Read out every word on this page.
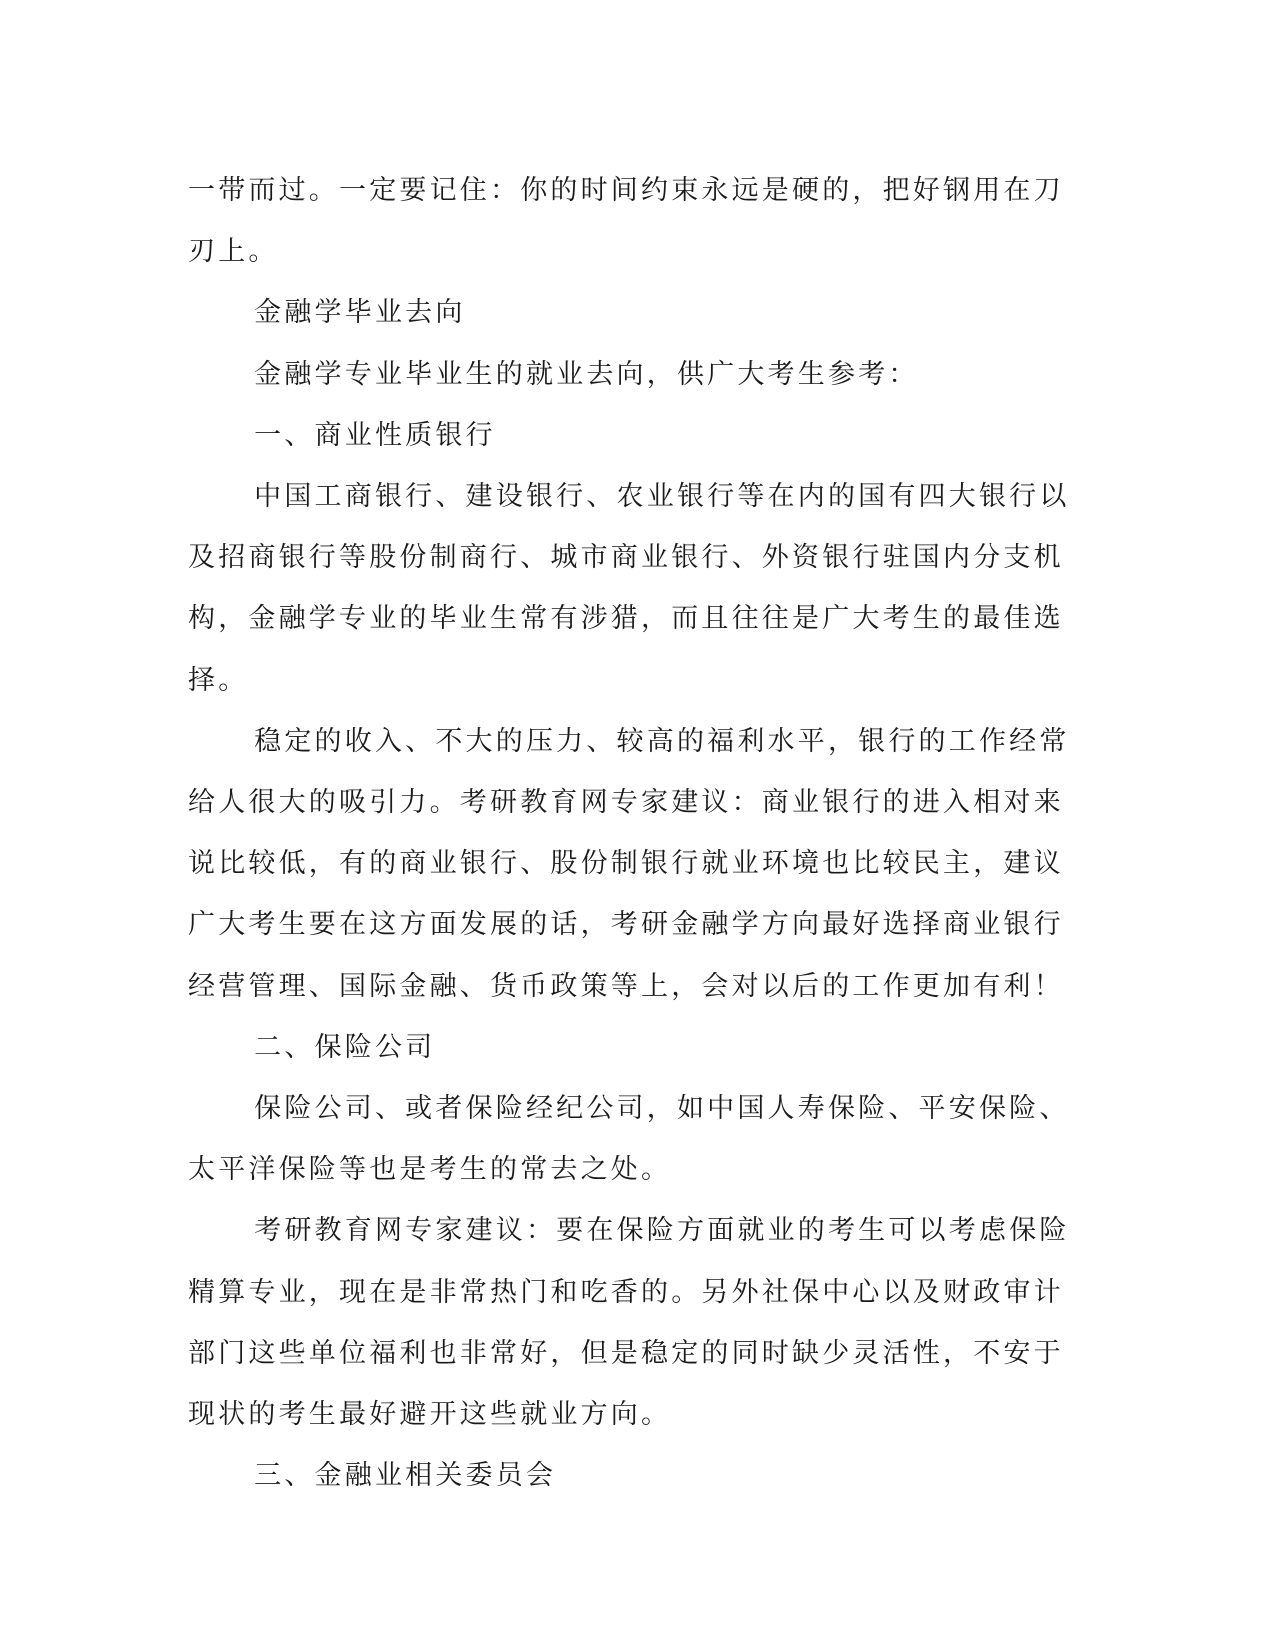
一带而过。一定要记住：你的时间约束永远是硬的，把好钢用在刀刃上。

金融学毕业去向

金融学专业毕业生的就业去向，供广大考生参考：

一、商业性质银行

中国工商银行、建设银行、农业银行等在内的国有四大银行以及招商银行等股份制商行、城市商业银行、外资银行驻国内分支机构，金融学专业的毕业生常有涉猎，而且往往是广大考生的最佳选择。

稳定的收入、不大的压力、较高的福利水平，银行的工作经常给人很大的吸引力。考研教育网专家建议：商业银行的进入相对来说比较低，有的商业银行、股份制银行就业环境也比较民主，建议广大考生要在这方面发展的话，考研金融学方向最好选择商业银行经营管理、国际金融、货币政策等上，会对以后的工作更加有利！

二、保险公司

保险公司、或者保险经纪公司，如中国人寿保险、平安保险、太平洋保险等也是考生的常去之处。

考研教育网专家建议：要在保险方面就业的考生可以考虑保险精算专业，现在是非常热门和吃香的。另外社保中心以及财政审计部门这些单位福利也非常好，但是稳定的同时缺少灵活性，不安于现状的考生最好避开这些就业方向。

三、金融业相关委员会
